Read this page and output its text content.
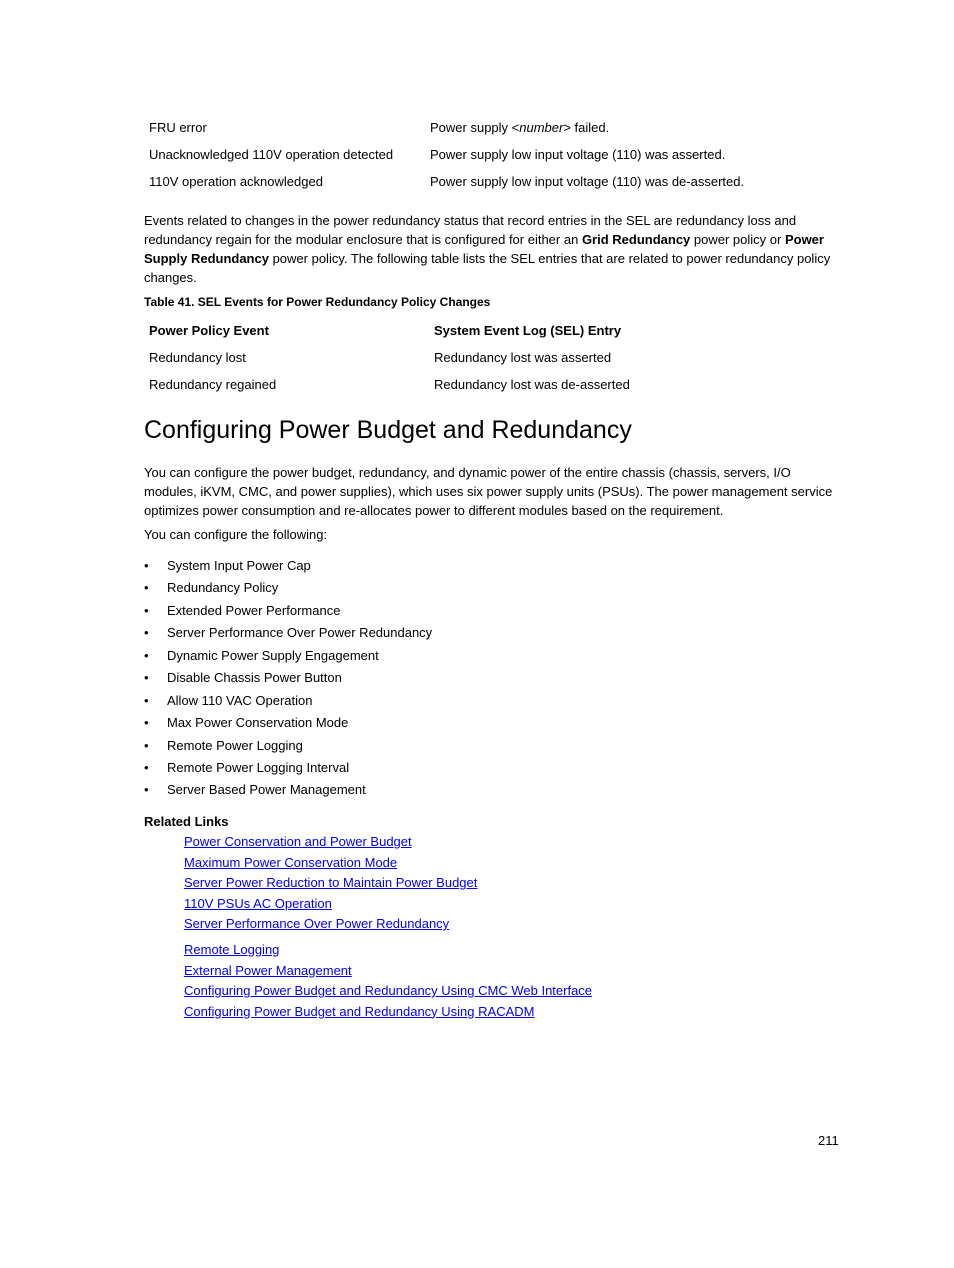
FRU error	Power supply <number> failed.
Unacknowledged 110V operation detected	Power supply low input voltage (110) was asserted.
110V operation acknowledged	Power supply low input voltage (110) was de-asserted.
Events related to changes in the power redundancy status that record entries in the SEL are redundancy loss and redundancy regain for the modular enclosure that is configured for either an Grid Redundancy power policy or Power Supply Redundancy power policy. The following table lists the SEL entries that are related to power redundancy policy changes.
Table 41. SEL Events for Power Redundancy Policy Changes
Power Policy Event	System Event Log (SEL) Entry
Redundancy lost	Redundancy lost was asserted
Redundancy regained	Redundancy lost was de-asserted
Configuring Power Budget and Redundancy
You can configure the power budget, redundancy, and dynamic power of the entire chassis (chassis, servers, I/O modules, iKVM, CMC, and power supplies), which uses six power supply units (PSUs). The power management service optimizes power consumption and re-allocates power to different modules based on the requirement.
You can configure the following:
• System Input Power Cap
• Redundancy Policy
• Extended Power Performance
• Server Performance Over Power Redundancy
• Dynamic Power Supply Engagement
• Disable Chassis Power Button
• Allow 110 VAC Operation
• Max Power Conservation Mode
• Remote Power Logging
• Remote Power Logging Interval
• Server Based Power Management
Related Links
Power Conservation and Power Budget
Maximum Power Conservation Mode
Server Power Reduction to Maintain Power Budget
110V PSUs AC Operation
Server Performance Over Power Redundancy
Remote Logging
External Power Management
Configuring Power Budget and Redundancy Using CMC Web Interface
Configuring Power Budget and Redundancy Using RACADM
211
